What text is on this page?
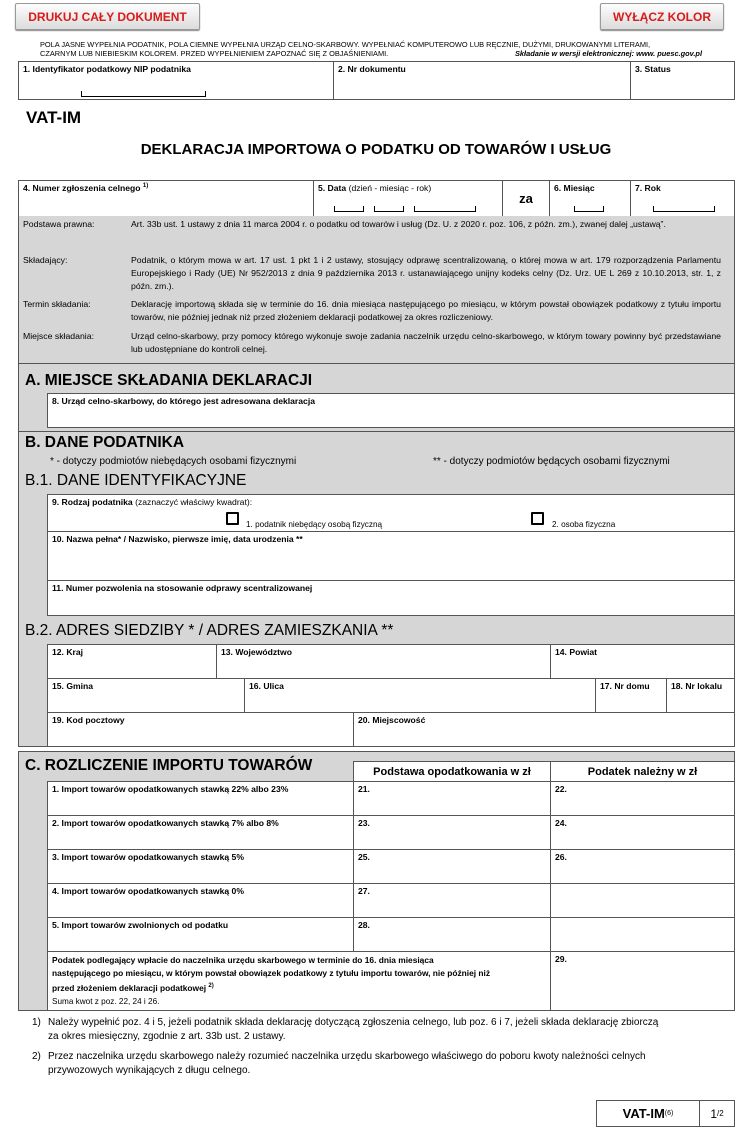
DRUKUJ CAŁY DOKUMENT	WYŁĄCZ KOLOR
POLA JASNE WYPEŁNIA PODATNIK, POLA CIEMNE WYPEŁNIA URZĄD CELNO-SKARBOWY. WYPEŁNIAĆ KOMPUTEROWO LUB RĘCZNIE, DUŻYMI, DRUKOWANYMI LITERAMI,
CZARNYM LUB NIEBIESKIM KOLOREM. PRZED WYPEŁNIENIEM ZAPOZNAĆ SIĘ Z OBJAŚNIENIAMI.	Składanie w wersji elektronicznej: www. puesc.gov.pl
1. Identyfikator podatkowy NIP podatnika	2. Nr dokumentu	3. Status
VAT-IM
DEKLARACJA IMPORTOWA O PODATKU OD TOWARÓW I USŁUG
4. Numer zgłoszenia celnego $^{1)}$	5. Data (dzień - miesiąc - rok)
za
6. Miesiąc	7. Rok
Podstawa prawna:	Art. 33b ust. 1 ustawy z dnia 11 marca 2004 r. o podatku od towarów i usług (Dz. U. z 2020 r. poz. 106, z późn. zm.), zwanej dalej „ustawą”.
Składający:	Podatnik, o którym mowa w art. 17 ust. 1 pkt 1 i 2 ustawy, stosujący odprawę scentralizowaną, o której mowa w art. 179 rozporządzenia Parlamentu Europejskiego i Rady (UE) Nr 952/2013 z dnia 9 października 2013 r. ustanawiającego unijny kodeks celny (Dz. Urz. UE L 269 z 10.10.2013, str. 1, z późn. zm.).
Termin składania:	Deklarację importową składa się w terminie do 16. dnia miesiąca następującego po miesiącu, w którym powstał obowiązek podatkowy z tytułu importu towarów, nie później jednak niż przed złożeniem deklaracji podatkowej za okres rozliczeniowy.
Miejsce składania:	Urząd celno-skarbowy, przy pomocy którego wykonuje swoje zadania naczelnik urzędu celno-skarbowego, w którym towary powinny być przedstawiane lub udostępniane do kontroli celnej.
A. MIEJSCE SKŁADANIA DEKLARACJI
8. Urząd celno-skarbowy, do którego jest adresowana deklaracja
B. DANE PODATNIKA
* - dotyczy podmiotów niebędących osobami fizycznymi	** - dotyczy podmiotów będących osobami fizycznymi
B.1. DANE IDENTYFIKACYJNE
9. Rodzaj podatnika (zaznaczyć właściwy kwadrat):
1. podatnik niebędący osobą fizyczną	2. osoba fizyczna
10. Nazwa pełna* / Nazwisko, pierwsze imię, data urodzenia **
11. Numer pozwolenia na stosowanie odprawy scentralizowanej
B.2. ADRES SIEDZIBY * / ADRES ZAMIESZKANIA **
12. Kraj	13. Województwo	14. Powiat
15. Gmina	16. Ulica	17. Nr domu 18. Nr lokalu
19. Kod pocztowy	20. Miejscowość
C. ROZLICZENIE IMPORTU TOWARÓW	Podstawa opodatkowania w zł	Podatek należny w zł
1. Import towarów opodatkowanych stawką 22% albo 23%	21.	22.
2. Import towarów opodatkowanych stawką 7% albo 8%	23.	24.
3. Import towarów opodatkowanych stawką 5%	25.	26.
4. Import towarów opodatkowanych stawką 0%	27.
5. Import towarów zwolnionych od podatku	28.
Podatek podlegający wpłacie do naczelnika urzędu skarbowego w terminie do 16. dnia miesiąca
następującego po miesiącu, w którym powstał obowiązek podatkowy z tytułu importu towarów, nie później niż
przed złożeniem deklaracji podatkowej $^{2)}$
Suma kwot z poz. 22, 24 i 26.
29.
1) Należy wypełnić poz. 4 i 5, jeżeli podatnik składa deklarację dotyczącą zgłoszenia celnego, lub poz. 6 i 7, jeżeli składa deklarację zbiorczą
za okres miesięczny, zgodnie z art. 33b ust. 2 ustawy.
2) Przez naczelnika urzędu skarbowego należy rozumieć naczelnika urzędu skarbowego właściwego do poboru kwoty należności celnych
przywozowych wynikających z długu celnego.
VAT-IM (6)	1 /2
